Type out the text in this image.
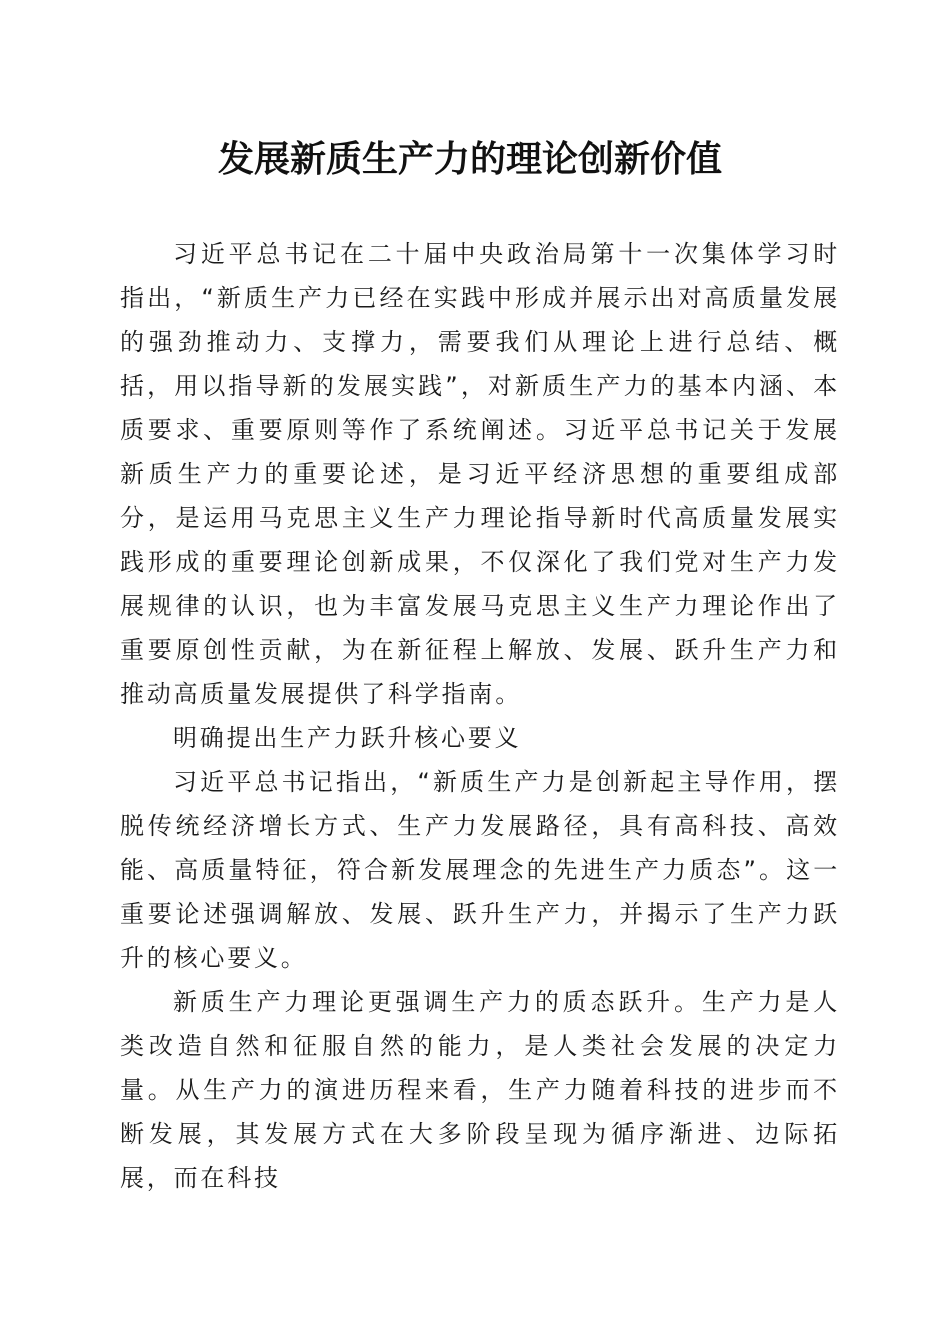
发展新质生产力的理论创新价值

习近平总书记在二十届中央政治局第十一次集体学习时指出，“新质生产力已经在实践中形成并展示出对高质量发展的强劲推动力、支撑力，需要我们从理论上进行总结、概括，用以指导新的发展实践”，对新质生产力的基本内涵、本质要求、重要原则等作了系统阐述。习近平总书记关于发展新质生产力的重要论述，是习近平经济思想的重要组成部分，是运用马克思主义生产力理论指导新时代高质量发展实践形成的重要理论创新成果，不仅深化了我们党对生产力发展规律的认识，也为丰富发展马克思主义生产力理论作出了重要原创性贡献，为在新征程上解放、发展、跃升生产力和推动高质量发展提供了科学指南。

明确提出生产力跃升核心要义

习近平总书记指出，“新质生产力是创新起主导作用，摆脱传统经济增长方式、生产力发展路径，具有高科技、高效能、高质量特征，符合新发展理念的先进生产力质态”。这一重要论述强调解放、发展、跃升生产力，并揭示了生产力跃升的核心要义。

新质生产力理论更强调生产力的质态跃升。生产力是人类改造自然和征服自然的能力，是人类社会发展的决定力量。从生产力的演进历程来看，生产力随着科技的进步而不断发展，其发展方式在大多阶段呈现为循序渐进、边际拓展，而在科技
